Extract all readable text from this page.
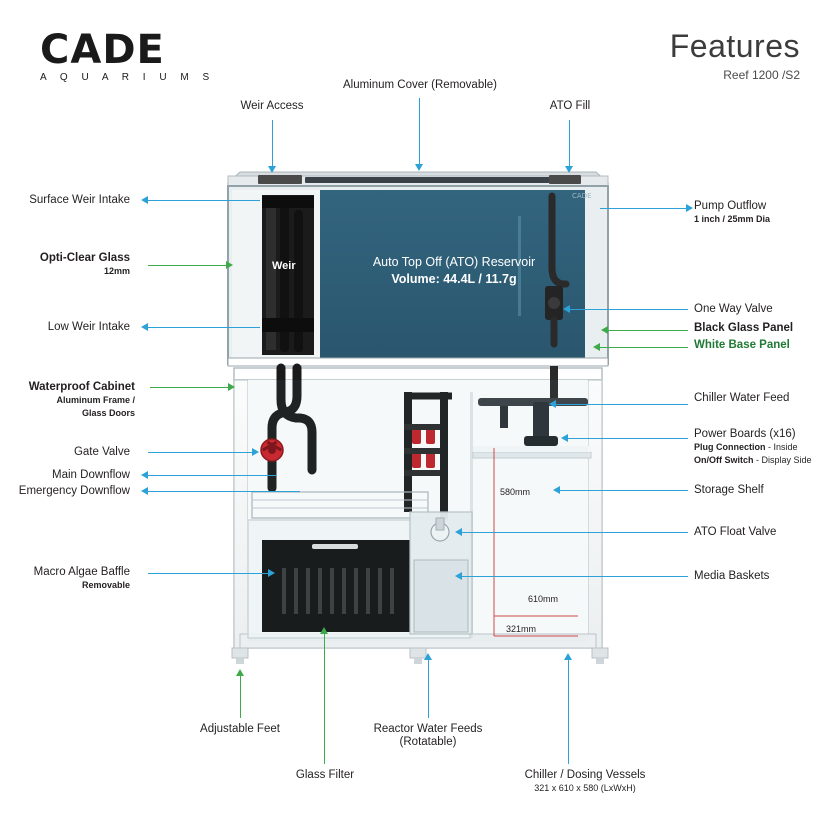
CADE
A Q U A R I U M S
Features
Reef 1200 /S2
CADE
Auto Top Off (ATO) Reservoir
Volume: 44.4L / 11.7g
Weir
580mm
610mm
321mm
Weir Access
Aluminum Cover (Removable)
ATO Fill
Surface Weir Intake
Opti-Clear Glass
12mm
Low Weir Intake
Waterproof Cabinet
Aluminum Frame /
Glass Doors
Gate Valve
Main Downflow
Emergency Downflow
Macro Algae Baffle
Removable
Adjustable Feet
Glass Filter
Reactor Water Feeds
(Rotatable)
Chiller / Dosing Vessels
321 x 610 x 580 (LxWxH)
Pump Outflow
1 inch / 25mm Dia
One Way Valve
Black Glass Panel
White Base Panel
Chiller Water Feed
Power Boards (x16)
Plug Connection - Inside
On/Off Switch - Display Side
Storage Shelf
ATO Float Valve
Media Baskets
